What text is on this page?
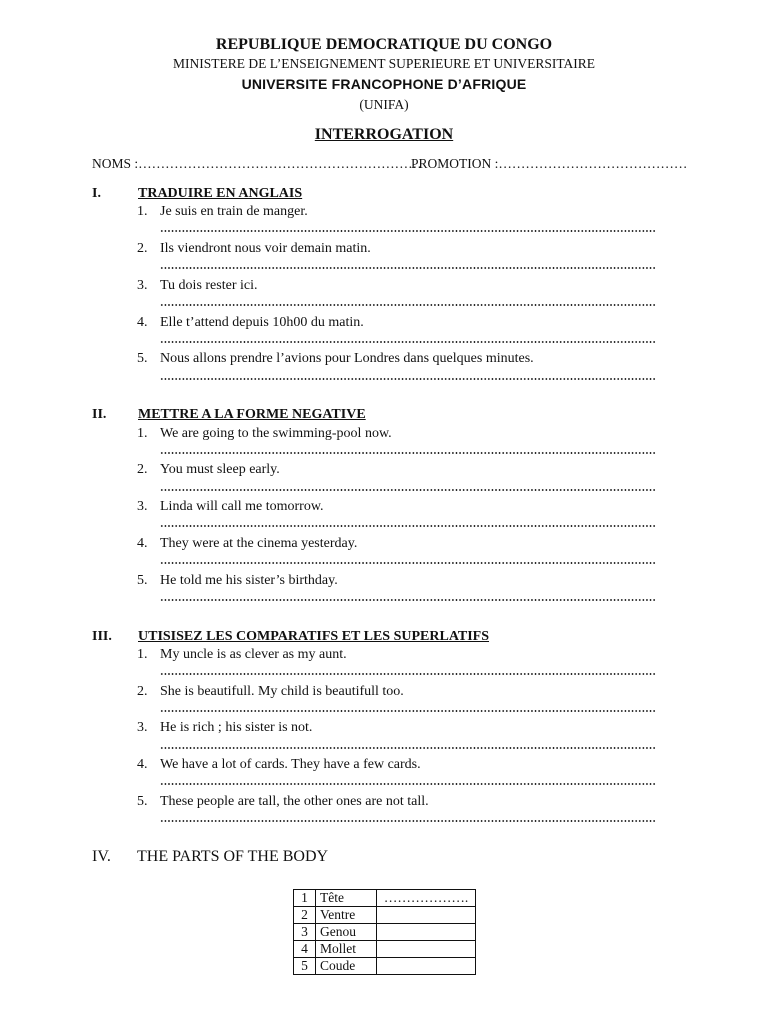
REPUBLIQUE DEMOCRATIQUE DU CONGO
MINISTERE DE L’ENSEIGNEMENT SUPERIEURE ET UNIVERSITAIRE
UNIVERSITE FRANCOPHONE D’AFRIQUE
(UNIFA)
INTERROGATION
NOMS :………………………………………………………
PROMOTION :……………………………………
I.	TRADUIRE EN ANGLAIS
1. Je suis en train de manger.
2. Ils viendront nous voir demain matin.
3. Tu dois rester ici.
4. Elle t’attend depuis 10h00 du matin.
5. Nous allons prendre l’avions pour Londres dans quelques minutes.
II. METTRE A LA FORME NEGATIVE
1. We are going to the swimming-pool now.
2. You must sleep early.
3. Linda will call me tomorrow.
4. They were at the cinema yesterday.
5. He told me his sister’s birthday.
III. UTISISEZ LES COMPARATIFS ET LES SUPERLATIFS
1. My uncle is as clever as my aunt.
2. She is beautifull. My child is beautifull too.
3. He is rich ; his sister is not.
4. We have a lot of cards. They have a few cards.
5. These people are tall, the other ones are not tall.
IV. THE PARTS OF THE BODY
1	Tête	……………….
2	Ventre	
3	Genou	
4	Mollet	
5	Coude	
